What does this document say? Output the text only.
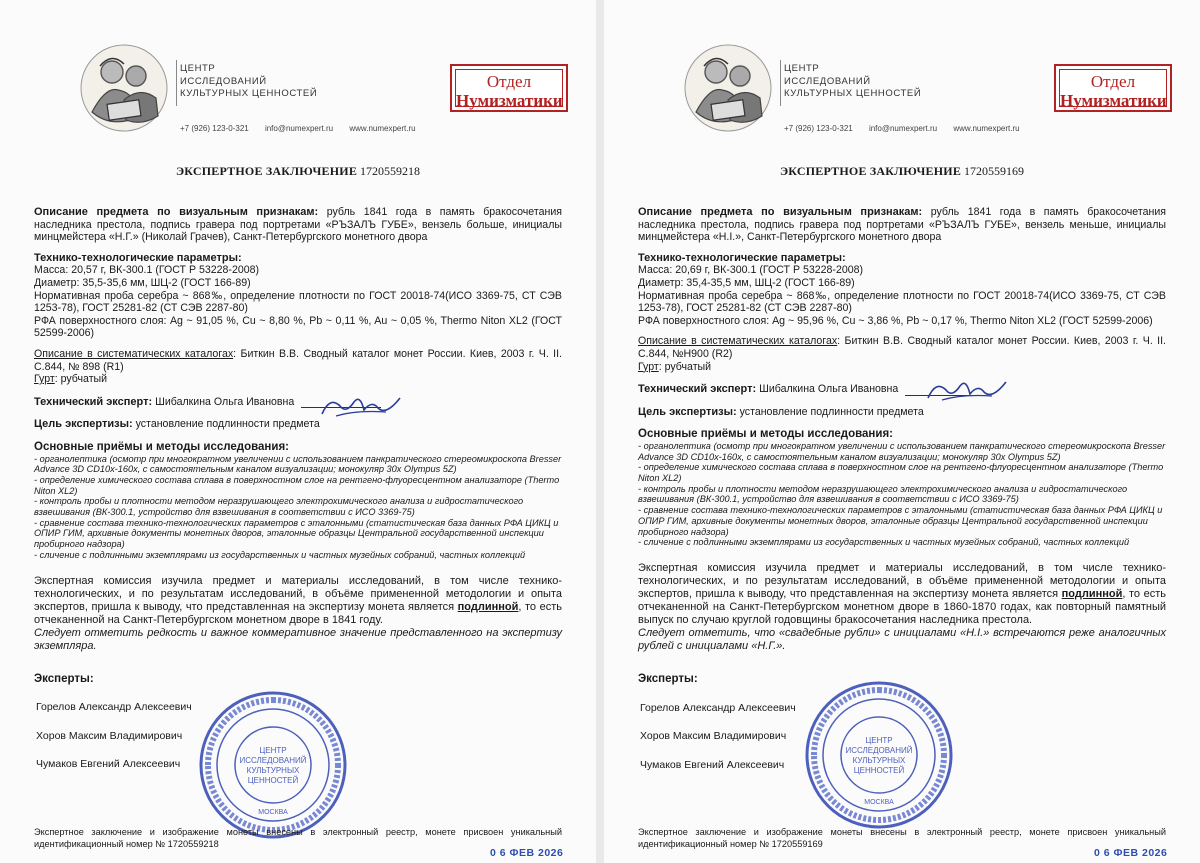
ЦЕНТР
ИССЛЕДОВАНИЙ
КУЛЬТУРНЫХ ЦЕННОСТЕЙ
+7 (926) 123-0-321 info@numexpert.ru www.numexpert.ru
Отдел
Нумизматики
ЭКСПЕРТНОЕ ЗАКЛЮЧЕНИЕ 1720559218

Описание предмета по визуальным признакам: рубль 1841 года в память бракосочетания наследника престола, подпись гравера под портретами «РЪЗАЛЪ ГУБЕ», вензель больше, инициалы минцмейстера «Н.Г.» (Николай Грачев), Санкт-Петербургского монетного двора

Технико-технологические параметры:

Масса: 20,57 г, ВК-300.1 (ГОСТ Р 53228-2008)

Диаметр: 35,5-35,6 мм, ШЦ-2 (ГОСТ 166-89)

Нормативная проба серебра ~ 868‰, определение плотности по ГОСТ 20018-74(ИСО 3369-75, СТ СЭВ 1253-78), ГОСТ 25281-82 (СТ СЭВ 2287-80)

РФА поверхностного слоя: Ag ~ 91,05 %, Cu ~ 8,80 %, Pb ~ 0,11 %, Au ~ 0,05 %, Thermo Niton XL2 (ГОСТ 52599-2006)

Описание в систематических каталогах: Биткин В.В. Сводный каталог монет России. Киев, 2003 г. Ч. II. С.844, № 898 (R1)

Гурт: рубчатый

Технический эксперт: Шибалкина Ольга Ивановна

Цель экспертизы: установление подлинности предмета

Основные приёмы и методы исследования:
- органолептика (осмотр при многократном увеличении с использованием панкратического стереомикроскопа Bresser Advance 3D CD10x-160x, с самостоятельным каналом визуализации; монокуляр 30x Olympus 5Z)
- определение химического состава сплава в поверхностном слое на рентгено-флуоресцентном анализаторе (Thermo Niton XL2)
- контроль пробы и плотности методом неразрушающего электрохимического анализа и гидростатического взвешивания (ВК-300.1, устройство для взвешивания в соответствии с ИСО 3369-75)
- сравнение состава технико-технологических параметров с эталонными (статистическая база данных РФА ЦИКЦ и ОПИР ГИМ, архивные документы монетных дворов, эталонные образцы Центральной государственной инспекции пробирного надзора)
- сличение с подлинными экземплярами из государственных и частных музейных собраний, частных коллекций

Экспертная комиссия изучила предмет и материалы исследований, в том числе технико-технологических, и по результатам исследований, в объёме примененной методологии и опыта экспертов, пришла к выводу, что представленная на экспертизу монета является подлинной, то есть отчеканенной на Санкт-Петербургском монетном дворе в 1841 году.

Следует отметить редкость и важное коммеративное значение представленного на экспертизу экземпляра.

Эксперты:
Горелов Александр Алексеевич
Хоров Максим Владимирович
Чумаков Евгений Алексеевич
ЦЕНТР
ИССЛЕДОВАНИЙ
КУЛЬТУРНЫХ
ЦЕННОСТЕЙ
МОСКВА
Экспертное заключение и изображение монеты внесены в электронный реестр, монете присвоен уникальный идентификационный номер № 1720559218
0 6 ФЕВ 2026
ЦЕНТР
ИССЛЕДОВАНИЙ
КУЛЬТУРНЫХ ЦЕННОСТЕЙ
+7 (926) 123-0-321 info@numexpert.ru www.numexpert.ru
Отдел
Нумизматики
ЭКСПЕРТНОЕ ЗАКЛЮЧЕНИЕ 1720559169

Описание предмета по визуальным признакам: рубль 1841 года в память бракосочетания наследника престола, подпись гравера под портретами «РЪЗАЛЪ ГУБЕ», вензель меньше, инициалы минцмейстера «Н.I.», Санкт-Петербургского монетного двора

Технико-технологические параметры:

Масса: 20,69 г, ВК-300.1 (ГОСТ Р 53228-2008)

Диаметр: 35,4-35,5 мм, ШЦ-2 (ГОСТ 166-89)

Нормативная проба серебра ~ 868‰, определение плотности по ГОСТ 20018-74(ИСО 3369-75, СТ СЭВ 1253-78), ГОСТ 25281-82 (СТ СЭВ 2287-80)

РФА поверхностного слоя: Ag ~ 95,96 %, Cu ~ 3,86 %, Pb ~ 0,17 %, Thermo Niton XL2 (ГОСТ 52599-2006)

Описание в систематических каталогах: Биткин В.В. Сводный каталог монет России. Киев, 2003 г. Ч. II. С.844, №Н900 (R2)

Гурт: рубчатый

Технический эксперт: Шибалкина Ольга Ивановна

Цель экспертизы: установление подлинности предмета

Основные приёмы и методы исследования:
- органолептика (осмотр при многократном увеличении с использованием панкратического стереомикроскопа Bresser Advance 3D CD10x-160x, с самостоятельным каналом визуализации; монокуляр 30x Olympus 5Z)
- определение химического состава сплава в поверхностном слое на рентгено-флуоресцентном анализаторе (Thermo Niton XL2)
- контроль пробы и плотности методом неразрушающего электрохимического анализа и гидростатического взвешивания (ВК-300.1, устройство для взвешивания в соответствии с ИСО 3369-75)
- сравнение состава технико-технологических параметров с эталонными (статистическая база данных РФА ЦИКЦ и ОПИР ГИМ, архивные документы монетных дворов, эталонные образцы Центральной государственной инспекции пробирного надзора)
- сличение с подлинными экземплярами из государственных и частных музейных собраний, частных коллекций

Экспертная комиссия изучила предмет и материалы исследований, в том числе технико-технологических, и по результатам исследований, в объёме примененной методологии и опыта экспертов, пришла к выводу, что представленная на экспертизу монета является подлинной, то есть отчеканенной на Санкт-Петербургском монетном дворе в 1860-1870 годах, как повторный памятный выпуск по случаю круглой годовщины бракосочетания наследника престола.

Следует отметить, что «свадебные рубли» с инициалами «Н.I.» встречаются реже аналогичных рублей с инициалами «Н.Г.».

Эксперты:
Горелов Александр Алексеевич
Хоров Максим Владимирович
Чумаков Евгений Алексеевич
ЦЕНТР
ИССЛЕДОВАНИЙ
КУЛЬТУРНЫХ
ЦЕННОСТЕЙ
МОСКВА
Экспертное заключение и изображение монеты внесены в электронный реестр, монете присвоен уникальный идентификационный номер № 1720559169
0 6 ФЕВ 2026
